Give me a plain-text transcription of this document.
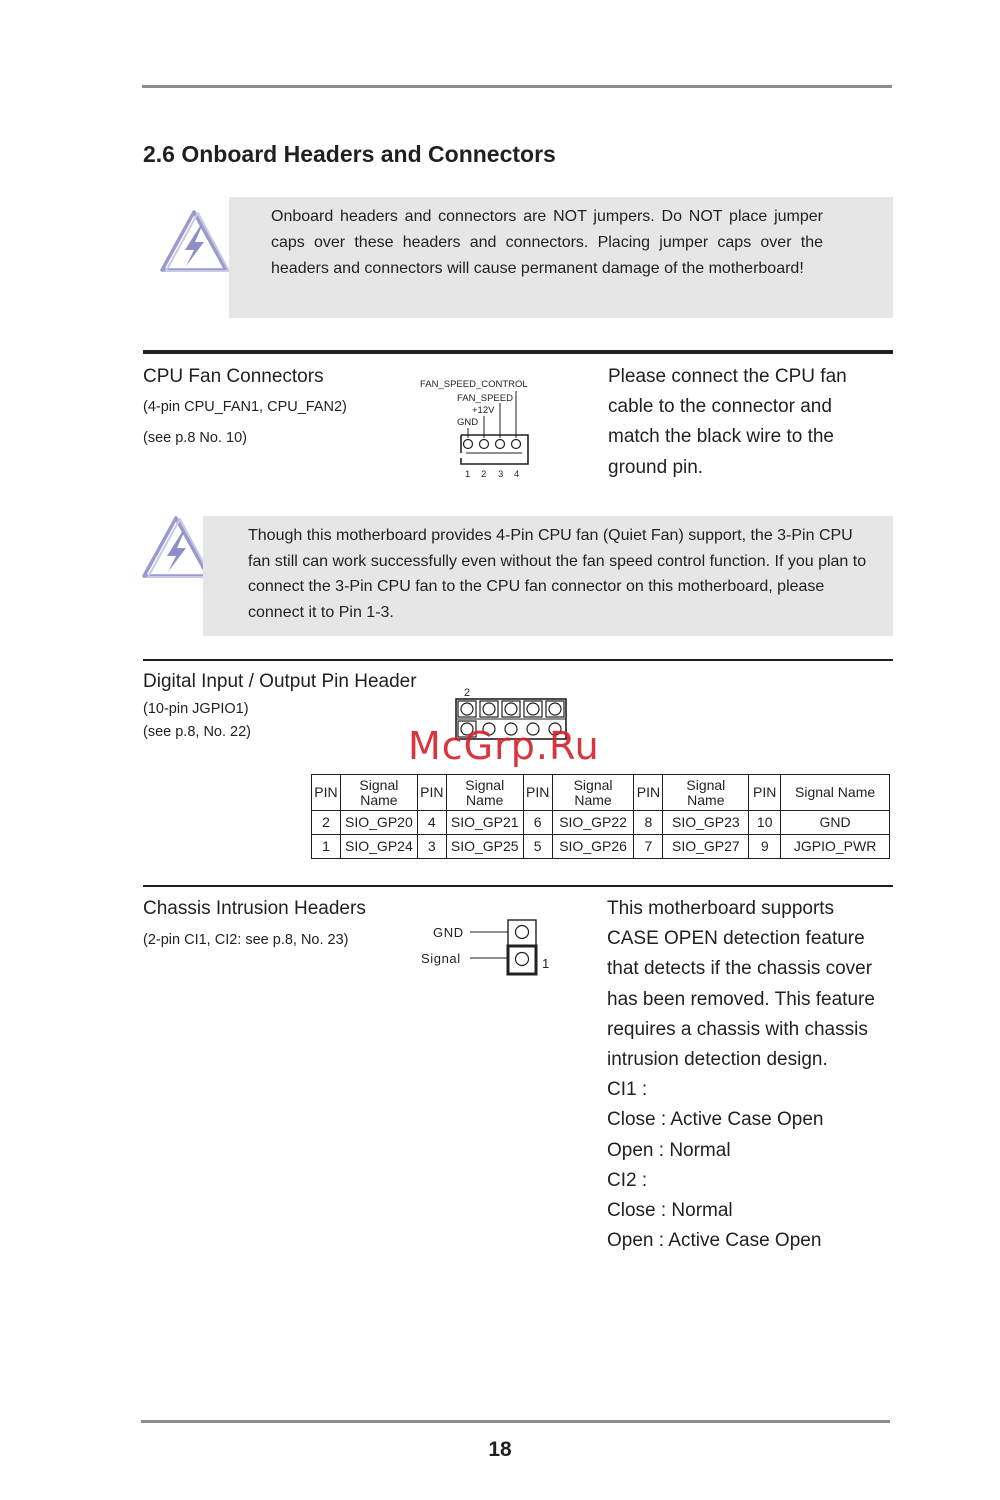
2.6 Onboard Headers and Connectors
Onboard headers and connectors are NOT jumpers. Do NOT place jumper caps over these headers and connectors. Placing jumper caps over the headers and connectors will cause permanent damage of the motherboard!
CPU Fan Connectors
(4-pin CPU_FAN1, CPU_FAN2)
(see p.8 No. 10)
FAN_SPEED_CONTROL
FAN_SPEED
+12V
GND
1 2 3 4
Please connect the CPU fan cable to the connector and match the black wire to the ground pin.
Though this motherboard provides 4-Pin CPU fan (Quiet Fan) support, the 3-Pin CPU fan still can work successfully even without the fan speed control function. If you plan to connect the 3-Pin CPU fan to the CPU fan connector on this motherboard, please connect it to Pin 1-3.
Digital Input / Output Pin Header
(10-pin JGPIO1)
(see p.8, No. 22)
2
McGrp.Ru
PIN	Signal Name	PIN	Signal Name	PIN	Signal Name	PIN	Signal Name	PIN	Signal Name
2	SIO_GP20	4	SIO_GP21	6	SIO_GP22	8	SIO_GP23	10	GND
1	SIO_GP24	3	SIO_GP25	5	SIO_GP26	7	SIO_GP27	9	JGPIO_PWR
Chassis Intrusion Headers
(2-pin CI1, CI2: see p.8, No. 23)	GND
Signal	1
This motherboard supports
CASE OPEN detection feature
that detects if the chassis cover
has been removed. This feature
requires a chassis with chassis
intrusion detection design.
CI1 :
Close : Active Case Open
Open : Normal
CI2 :
Close : Normal
Open : Active Case Open
18
